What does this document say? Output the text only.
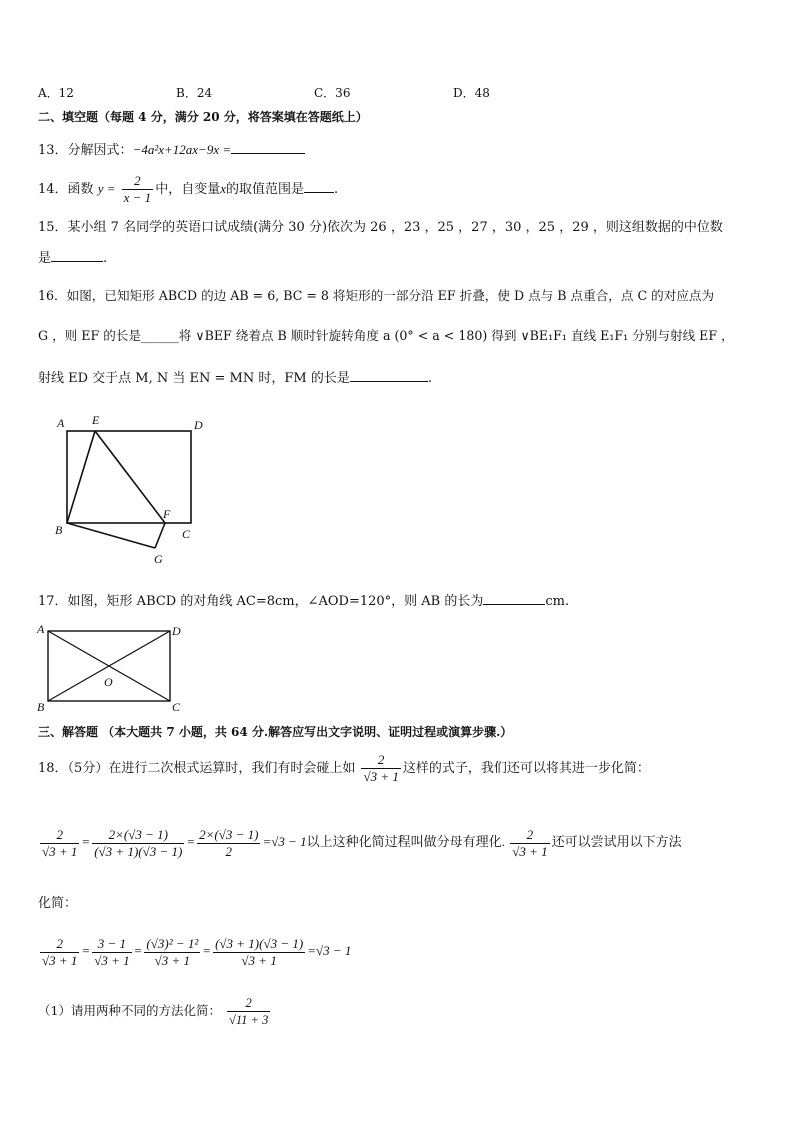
A．12	B．24	C．36	D．48
二、填空题（每题 4 分，满分 20 分，将答案填在答题纸上）
13．分解因式：−4a²x+12ax−9x =
14．函数 $y = \frac{2}{x - 1}$ 中，自变量x的取值范围是 .
15．某小组 7 名同学的英语口试成绩(满分 30 分)依次为 26 ，23 ，25 ，27 ，30 ，25 ，29 ，则这组数据的中位数
是	.
16．如图，已知矩形 ABCD 的边 AB = 6, BC = 8 将矩形的一部分沿 EF 折叠，使 D 点与 B 点重合，点 C 的对应点为
G ，则 EF 的长是______将 ∨BEF 绕着点 B 顺时针旋转角度 a (0° < a < 180) 得到 ∨BE₁F₁ 直线 E₁F₁ 分别与射线 EF ，
射线 ED 交于点 M, N 当 EN = MN 时，FM 的长是	.
A E	D
B
F
C
G
17．如图，矩形 ABCD 的对角线 AC=8cm，∠AOD=120°，则 AB 的长为	cm.
A	D
B	C
O
三、解答题 （本大题共 7 小题，共 64 分.解答应写出文字说明、证明过程或演算步骤.）
18．（5分）在进行二次根式运算时，我们有时会碰上如 $\frac{2}{√3 + 1}$ 这样的式子，我们还可以将其进一步化简：
$\frac{2}{√3 + 1} = \frac{2\times(√3 - 1)}{(√3 + 1)(√3 - 1)} = \frac{2\times(√3 - 1)}{2} =√3 - 1$以上这种化简过程叫做分母有理化. $\frac{2}{√3 + 1}$ 还可以尝试用以下方法
化简：
$\frac{2}{√3 + 1} = \frac{3 - 1}{√3 + 1} = \frac{\text{(√3)² − 1²}}{√3 + 1} = \frac{(√3 + 1)(√3 - 1)}{√3 + 1} =√3 - 1$
（1）请用两种不同的方法化简： $\frac{2}{√11 + 3}$
